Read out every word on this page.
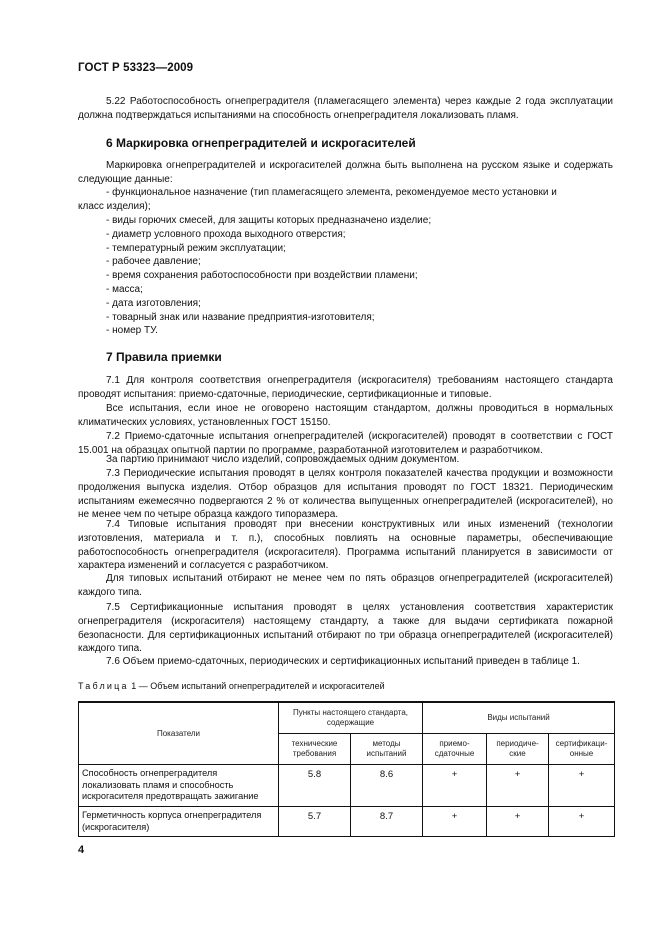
ГОСТ Р 53323—2009

5.22 Работоспособность огнепреградителя (пламегасящего элемента) через каждые 2 года эксплуатации должна подтверждаться испытаниями на способность огнепреградителя локализовать пламя.

6 Маркировка огнепреградителей и искрогасителей

Маркировка огнепреградителей и искрогасителей должна быть выполнена на русском языке и содержать следующие данные:

- функциональное назначение (тип пламегасящего элемента, рекомендуемое место установки и

класс изделия);

- виды горючих смесей, для защиты которых предназначено изделие;
- диаметр условного прохода выходного отверстия;
- температурный режим эксплуатации;
- рабочее давление;
- время сохранения работоспособности при воздействии пламени;
- масса;
- дата изготовления;
- товарный знак или название предприятия-изготовителя;
- номер ТУ.
7 Правила приемки

7.1 Для контроля соответствия огнепреградителя (искрогасителя) требованиям настоящего стандарта проводят испытания: приемо-сдаточные, периодические, сертификационные и типовые.

Все испытания, если иное не оговорено настоящим стандартом, должны проводиться в нормальных климатических условиях, установленных ГОСТ 15150.

7.2 Приемо-сдаточные испытания огнепреградителей (искрогасителей) проводят в соответствии с ГОСТ 15.001 на образцах опытной партии по программе, разработанной изготовителем и разработчиком.

За партию принимают число изделий, сопровождаемых одним документом.

7.3 Периодические испытания проводят в целях контроля показателей качества продукции и возможности продолжения выпуска изделия. Отбор образцов для испытания проводят по ГОСТ 18321. Периодическим испытаниям ежемесячно подвергаются 2 % от количества выпущенных огнепреградителей (искрогасителей), но не менее чем по четыре образца каждого типоразмера.

7.4 Типовые испытания проводят при внесении конструктивных или иных изменений (технологии изготовления, материала и т. п.), способных повлиять на основные параметры, обеспечивающие работоспособность огнепреградителя (искрогасителя). Программа испытаний планируется в зависимости от характера изменений и согласуется с разработчиком.

Для типовых испытаний отбирают не менее чем по пять образцов огнепреградителей (искрогасителей) каждого типа.

7.5 Сертификационные испытания проводят в целях установления соответствия характеристик огнепреградителя (искрогасителя) настоящему стандарту, а также для выдачи сертификата пожарной безопасности. Для сертификационных испытаний отбирают по три образца огнепреградителей (искрогасителей) каждого типа.

7.6 Объем приемо-сдаточных, периодических и сертификационных испытаний приведен в таблице 1.

Таблица 1 — Объем испытаний огнепреградителей и искрогасителей
Показатели	Пункты настоящего стандарта, содержащие		Виды испытаний		
	технические требования	методы испытаний	приемо-сдаточные	периодиче-ские	сертификаци-онные
Способность огнепреградителя локализовать пламя и способность искрогасителя предотвращать зажигание	5.8	8.6	+	+	+
Герметичность корпуса огнепреградителя (искрогасителя)	5.7	8.7	+	+	+
4
